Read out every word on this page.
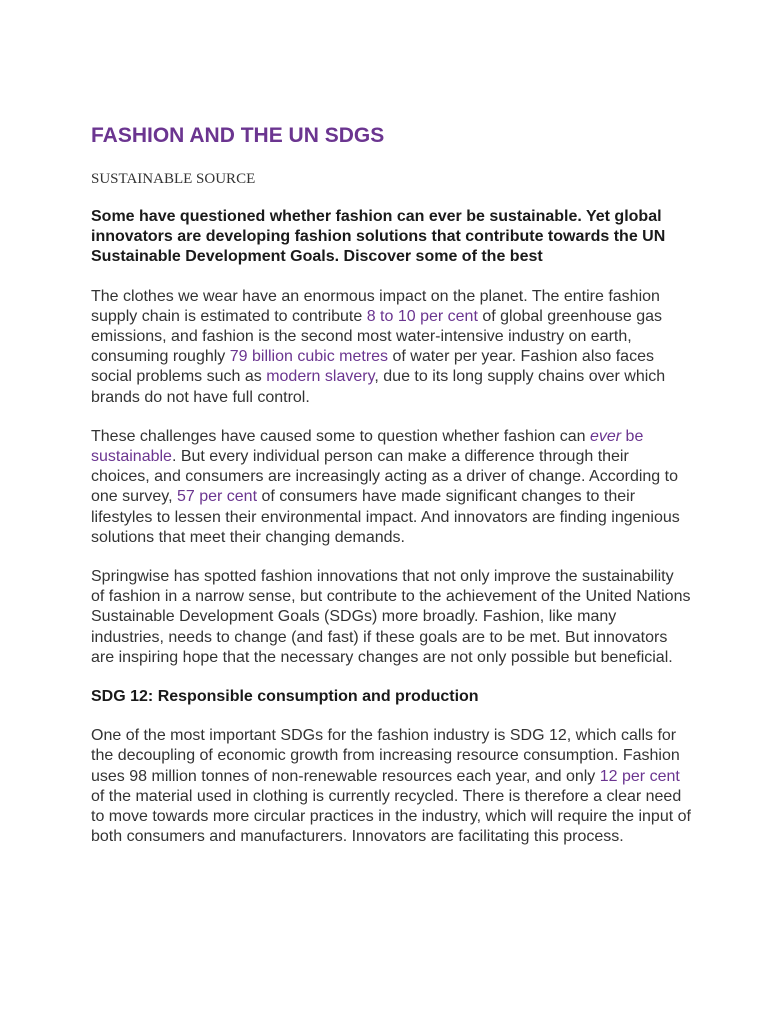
FASHION AND THE UN SDGS

SUSTAINABLE SOURCE

Some have questioned whether fashion can ever be sustainable. Yet global innovators are developing fashion solutions that contribute towards the UN Sustainable Development Goals. Discover some of the best

The clothes we wear have an enormous impact on the planet. The entire fashion supply chain is estimated to contribute 8 to 10 per cent of global greenhouse gas emissions, and fashion is the second most water-intensive industry on earth, consuming roughly 79 billion cubic metres of water per year. Fashion also faces social problems such as modern slavery, due to its long supply chains over which brands do not have full control.

These challenges have caused some to question whether fashion can ever be sustainable. But every individual person can make a difference through their choices, and consumers are increasingly acting as a driver of change. According to one survey, 57 per cent of consumers have made significant changes to their lifestyles to lessen their environmental impact. And innovators are finding ingenious solutions that meet their changing demands.

Springwise has spotted fashion innovations that not only improve the sustainability of fashion in a narrow sense, but contribute to the achievement of the United Nations Sustainable Development Goals (SDGs) more broadly. Fashion, like many industries, needs to change (and fast) if these goals are to be met. But innovators are inspiring hope that the necessary changes are not only possible but beneficial.

SDG 12: Responsible consumption and production

One of the most important SDGs for the fashion industry is SDG 12, which calls for the decoupling of economic growth from increasing resource consumption. Fashion uses 98 million tonnes of non-renewable resources each year, and only 12 per cent of the material used in clothing is currently recycled. There is therefore a clear need to move towards more circular practices in the industry, which will require the input of both consumers and manufacturers. Innovators are facilitating this process.
